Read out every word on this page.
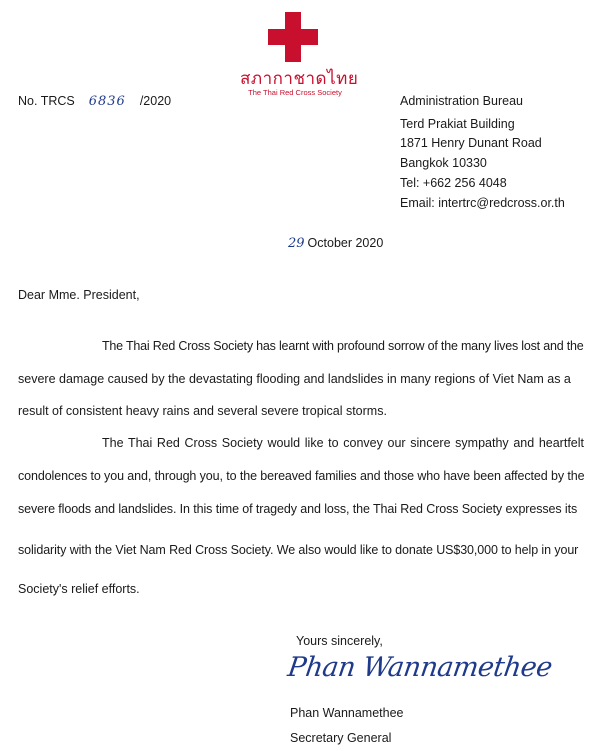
สภากาชาดไทย
The Thai Red Cross Society
No. TRCS 6836 /2020	Administration Bureau
Terd Prakiat Building
1871 Henry Dunant Road
Bangkok 10330
Tel: +662 256 4048
Email: intertrc@redcross.or.th
29 October 2020
Dear Mme. President,
The Thai Red Cross Society has learnt with profound sorrow of the many lives lost and the
severe damage caused by the devastating flooding and landslides in many regions of Viet Nam as a
result of consistent heavy rains and several severe tropical storms.
The Thai Red Cross Society would like to convey our sincere sympathy and heartfelt
condolences to you and, through you, to the bereaved families and those who have been affected by the
severe floods and landslides. In this time of tragedy and loss, the Thai Red Cross Society expresses its
solidarity with the Viet Nam Red Cross Society. We also would like to donate US$30,000 to help in your
Society's relief efforts.
Yours sincerely,
Phan Wannamethee
Phan Wannamethee
Secretary General
